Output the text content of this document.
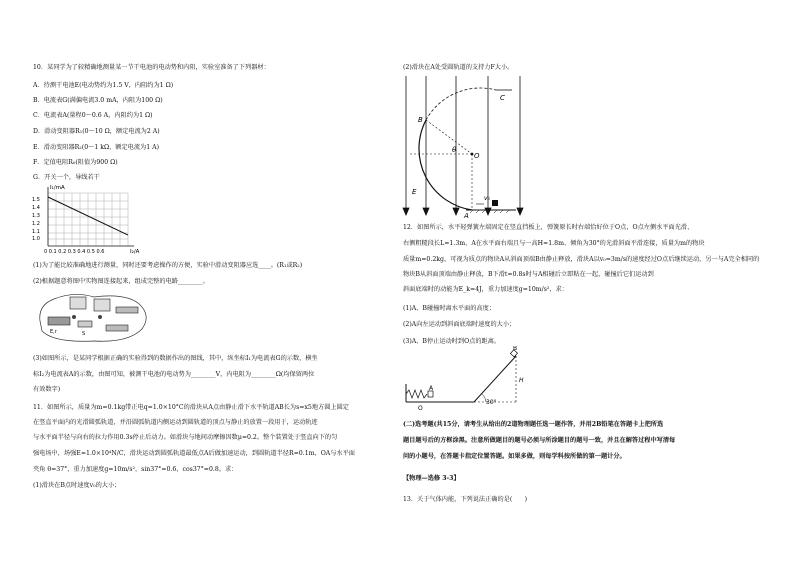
10．某同学为了较精确地测量某一节干电池的电动势和内阻，实验室准备了下列器材：
A．待测干电池E(电动势约为1.5 V，内阻约为1 Ω)
B．电流表G(满偏电流3.0 mA，内阻为100 Ω)
C．电流表A(量程0～0.6 A，内阻约为1 Ω)
D．滑动变阻器R₁(0～10 Ω，额定电流为2 A)
E．滑动变阻器R₂(0～1 kΩ，额定电流为1 A)
F．定值电阻R₀(阻值为900 Ω)
G．开关一个，导线若干
I₁/mA
1.5
1.4
1.3
1.2
1.1
1.0
0 0.1 0.2 0.3 0.4 0.5 0.6	I₂/A
(1)为了能比较准确地进行测量，同时还要考虑操作的方便，实验中滑动变阻器应选____。(R₁或R₂)
(2)根据题意将图中实物图连接起来，组成完整的电路________。
E,r	S
(3)如图所示，是某同学根据正确的实验得到的数据作出的图线，其中，纵坐标I₁为电流表G的示数，横坐
标I₂为电流表A的示数，由图可知，被测干电池的电动势为________V，内电阻为________Ω(均保留两位
有效数字)
11．如图所示，质量为m=0.1kg带正电q=1.0×10°C的滑块从A点由静止滑下水平轨道AB长为s=x5地方圆上圆定
在竖直平面内的光滑圆弧轨道，并沿圆弧轨道内侧运动到圆轨道的顶点与静止的放置一段用于，运动轨迹
与水平面半径与向右的拉力作用0.3s停止后动力。如滑块与地间动摩擦因数μ=0.2。整个装置处于竖直向下的匀
强电场中，场强E=1.0×10⁴N/C，滑块运动到圆弧轨道最低点A后做加速运动，到圆轨道半径R=0.1m，OA与水平面
夹角 θ=37°，重力加速度g=10m/s²，sin37°=0.6，cos37°=0.8。求：
(1)滑块在B点时速度v₀的大小；
(2)滑块在A处受圆轨道的支持力F大小。
B
C
O
θ
E
A
v₀
12．如图所示，水平轻弹簧左端固定在竖直挡板上，弹簧原长时右端恰好位于O点，O点左侧水平面光滑、
右侧粗糙段长L=1.3m，A在水平面右端且与一高H=1.8m、倾角为30°的光滑斜面平滑连接，质量为m的物块
质量m=0.2kg，可视为质点的物块A从斜面顶端B由静止释放，滑块A以v₀=3m/s的速度经过O点后继续运动，另一与A完全相同的
物块B从斜面顶端由静止释放，B下滑t=0.8s时与A相碰后立即粘在一起，碰撞后它们运动到
斜面底端时的动能为E_k=4J，重力加速度g=10m/s²，求：
(1)A、B碰撞时离水平面的高度；
(2)A向左运动到斜面底端时速度的大小；
(3)A、B停止运动时到O点的距离。
B
H
A
O
30°
(二)选考题(共15分，请考生从给出的2道物理题任选一题作答，并用2B铅笔在答题卡上把所选
题目题号后的方框涂黑。注意所做题目的题号必须与所涂题目的题号一致，并且在解答过程中写清每
问的小题号，在答题卡指定位置答题。如果多做，则每学科按所做的第一题计分。
【物理—选修 3-3】
13．关于气体内能，下列说法正确的是(　　)
